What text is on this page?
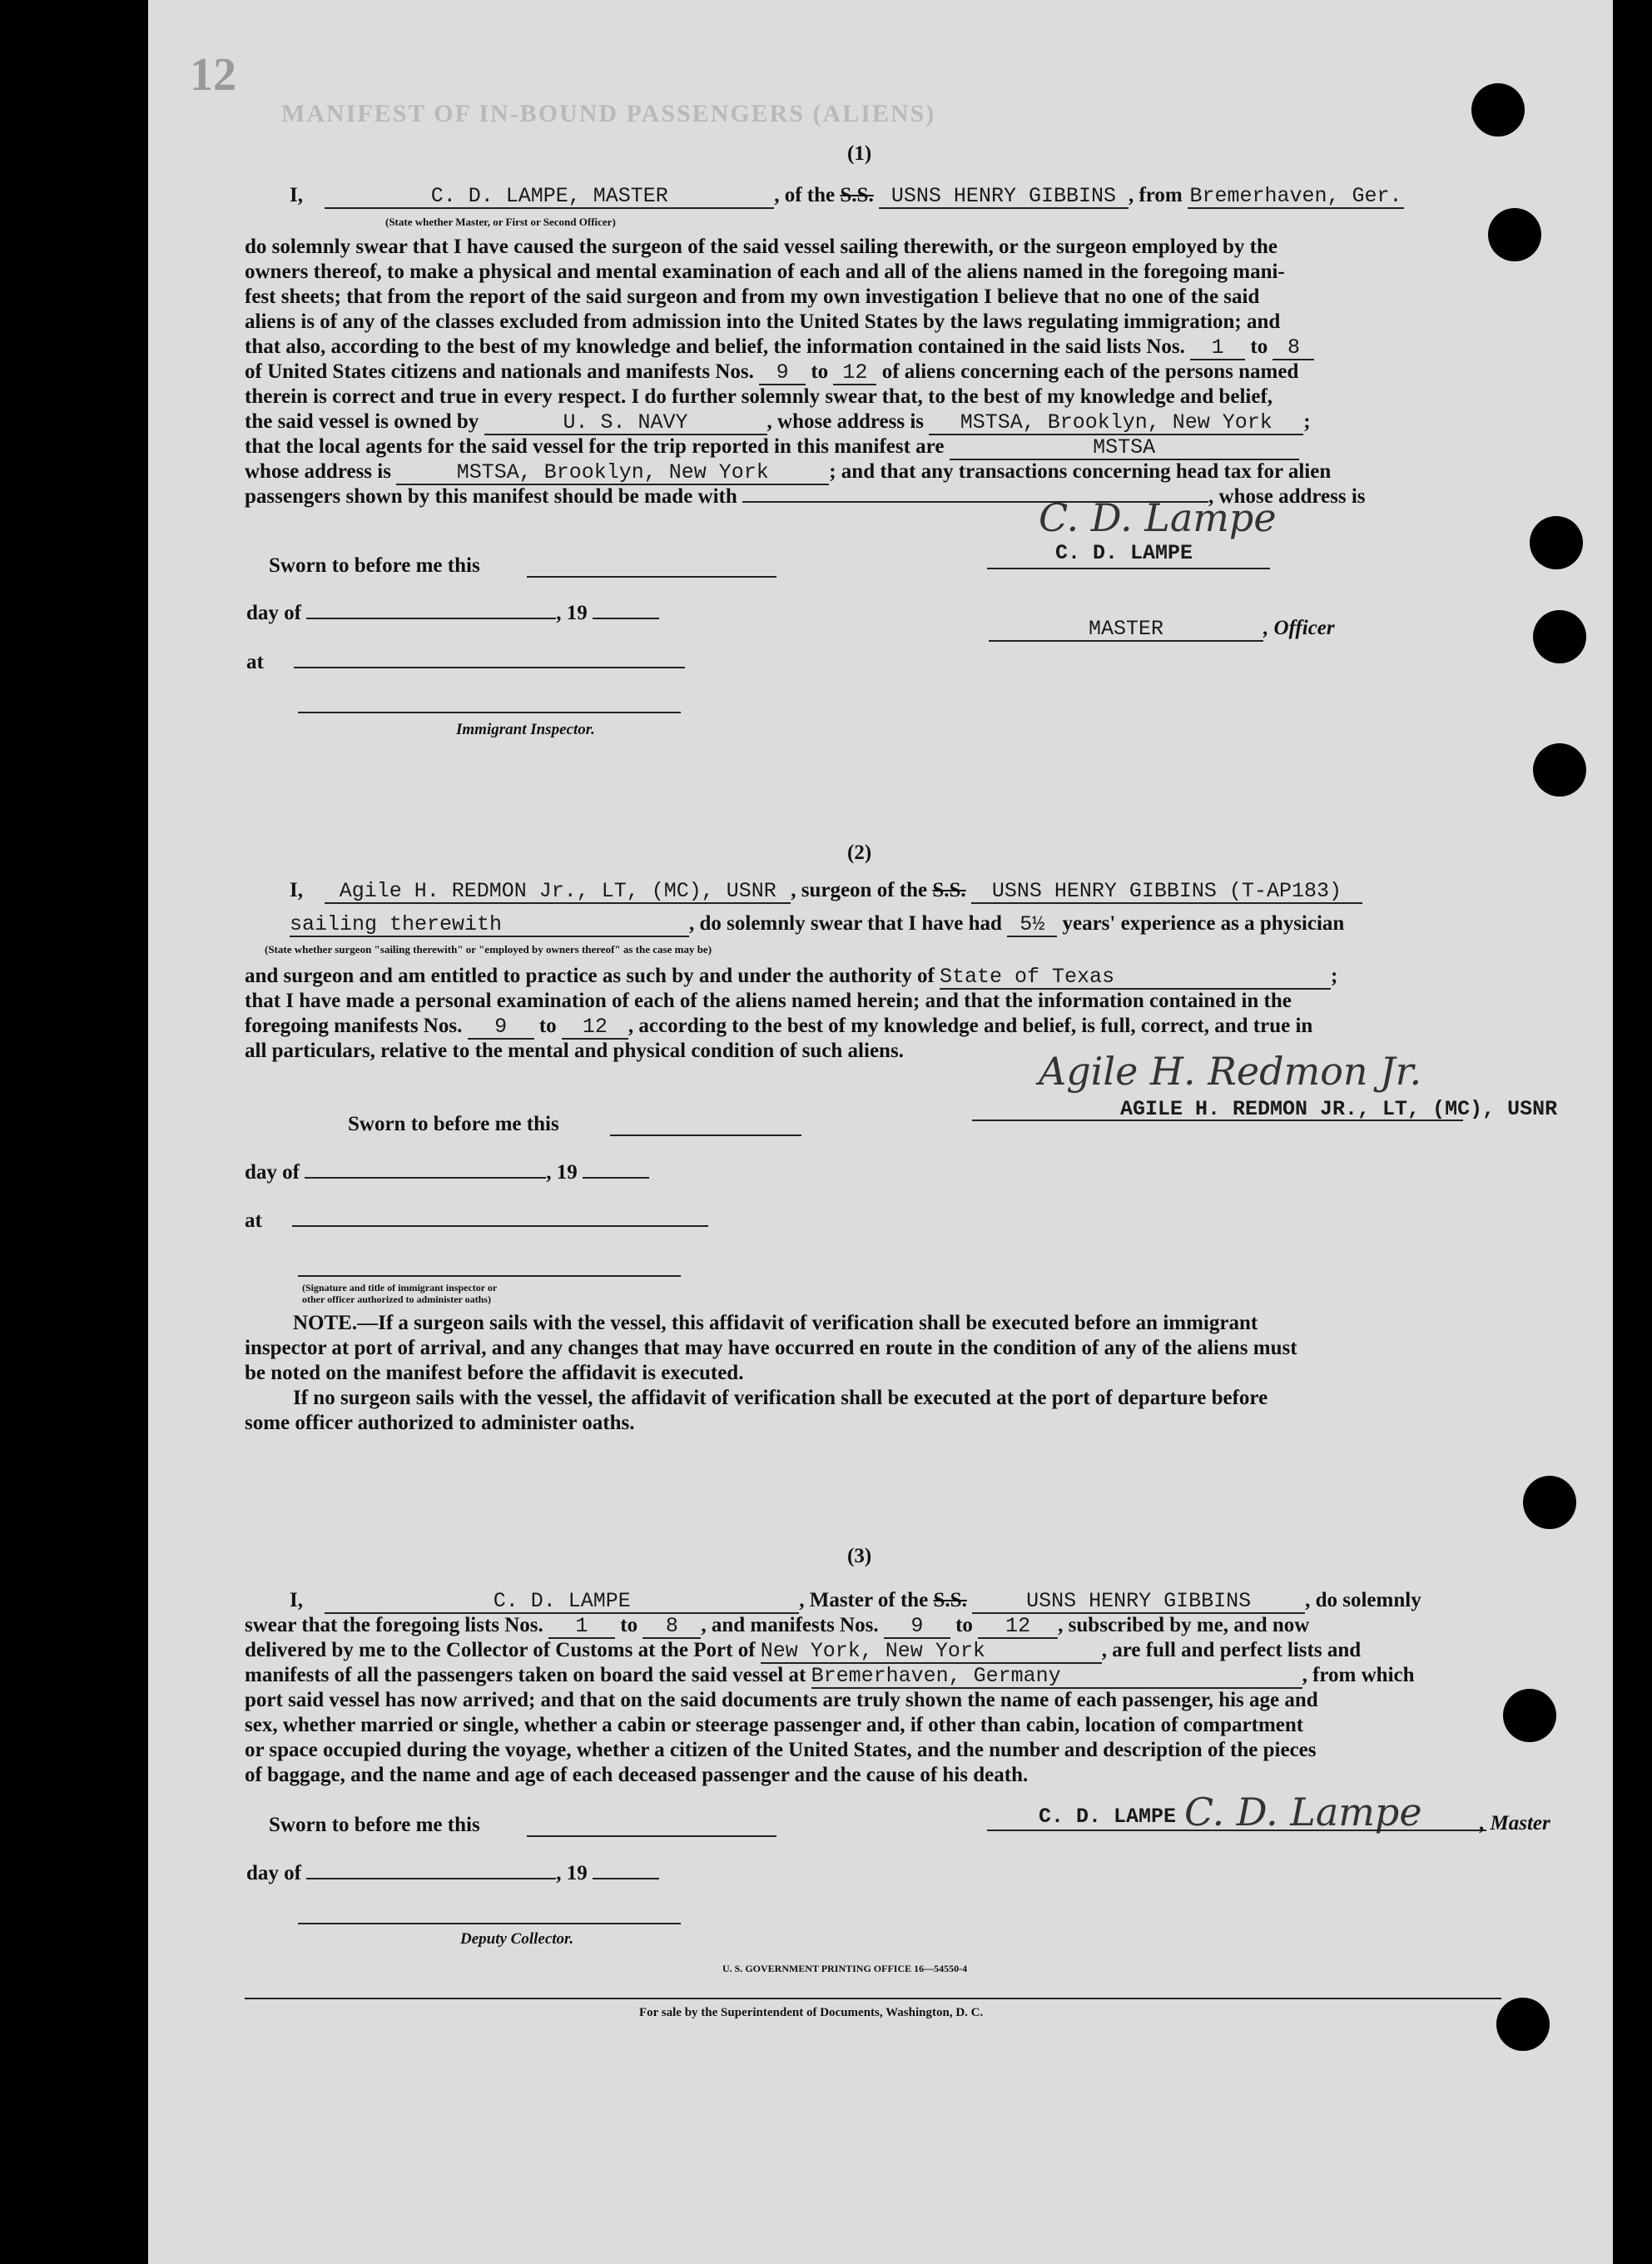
12
MANIFEST OF IN-BOUND PASSENGERS (ALIENS)
(1)
I,	C. D. LAMPE, MASTER	, of the S.S. USNS HENRY GIBBINS , from Bremerhaven, Ger.
(State whether Master, or First or Second Officer)
do solemnly swear that I have caused the surgeon of the said vessel sailing therewith, or the surgeon employed by the
owners thereof, to make a physical and mental examination of each and all of the aliens named in the foregoing mani-
fest sheets; that from the report of the said surgeon and from my own investigation I believe that no one of the said
aliens is of any of the classes excluded from admission into the United States by the laws regulating immigration; and
that also, according to the best of my knowledge and belief, the information contained in the said lists Nos. 1 to 8
of United States citizens and nationals and manifests Nos. 9 to 12 of aliens concerning each of the persons named
therein is correct and true in every respect. I do further solemnly swear that, to the best of my knowledge and belief,
the said vessel is owned by	U. S. NAVY	, whose address is MSTSA, Brooklyn, New York ;
that the local agents for the said vessel for the trip reported in this manifest are	MSTSA
whose address is	MSTSA, Brooklyn, New York	; and that any transactions concerning head tax for alien
passengers shown by this manifest should be made with	, whose address is
Sworn to before me this
day of	, 19
at
Immigrant Inspector.
C. D. Lampe
C. D. LAMPE
MASTER	, Officer
(2)
I, Agile H. REDMON Jr., LT, (MC), USNR , surgeon of the S.S. USNS HENRY GIBBINS (T-AP183)
sailing therewith	, do solemnly swear that I have had 5½ years' experience as a physician
(State whether surgeon "sailing therewith" or "employed by owners thereof" as the case may be)
and surgeon and am entitled to practice as such by and under the authority of State of Texas	;
that I have made a personal examination of each of the aliens named herein; and that the information contained in the
foregoing manifests Nos. 9 to 12 , according to the best of my knowledge and belief, is full, correct, and true in
all particulars, relative to the mental and physical condition of such aliens.	Agile H. Redmon Jr.
AGILE H. REDMON JR., LT, (MC), USNR
Sworn to before me this
day of	, 19
at
(Signature and title of immigrant inspector or
other officer authorized to administer oaths)
NOTE.—If a surgeon sails with the vessel, this affidavit of verification shall be executed before an immigrant
inspector at port of arrival, and any changes that may have occurred en route in the condition of any of the aliens must
be noted on the manifest before the affidavit is executed.
If no surgeon sails with the vessel, the affidavit of verification shall be executed at the port of departure before
some officer authorized to administer oaths.
(3)
I,	C. D. LAMPE	, Master of the S.S.	USNS HENRY GIBBINS	, do solemnly
swear that the foregoing lists Nos. 1 to 8 , and manifests Nos. 9 to 12 , subscribed by me, and now
delivered by me to the Collector of Customs at the Port of New York, New York	, are full and perfect lists and
manifests of all the passengers taken on board the said vessel at Bremerhaven, Germany	, from which
port said vessel has now arrived; and that on the said documents are truly shown the name of each passenger, his age and
sex, whether married or single, whether a cabin or steerage passenger and, if other than cabin, location of compartment
or space occupied during the voyage, whether a citizen of the United States, and the number and description of the pieces
of baggage, and the name and age of each deceased passenger and the cause of his death.
Sworn to before me this
day of	, 19
Deputy Collector.
C. D. LAMPE C. D. Lampe	, Master
U. S. GOVERNMENT PRINTING OFFICE 16—54550-4
For sale by the Superintendent of Documents, Washington, D. C.
